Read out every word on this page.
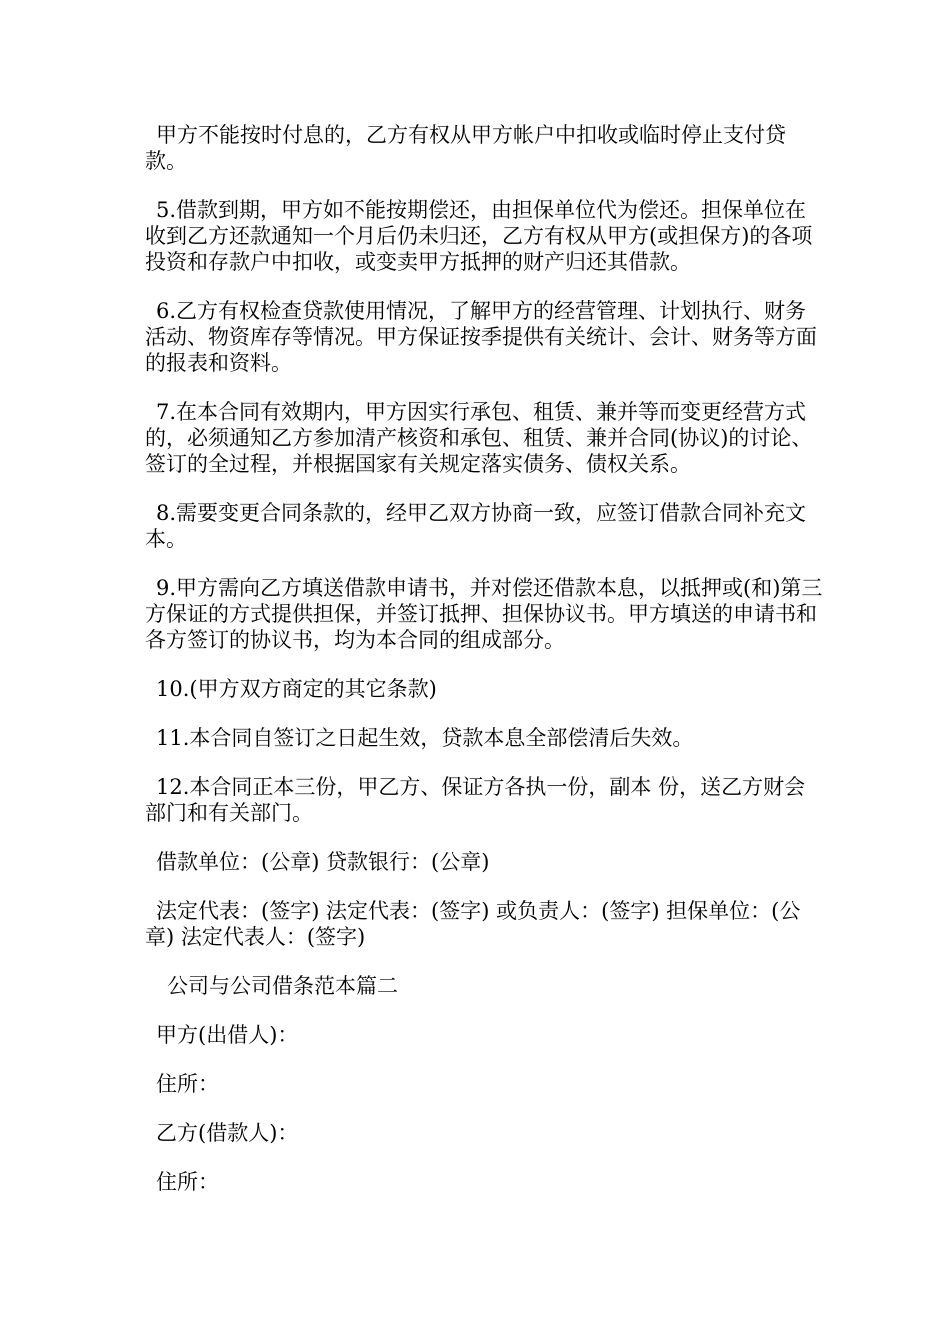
甲方不能按时付息的，乙方有权从甲方帐户中扣收或临时停止支付贷款。

5.借款到期，甲方如不能按期偿还，由担保单位代为偿还。担保单位在收到乙方还款通知一个月后仍未归还，乙方有权从甲方(或担保方)的各项投资和存款户中扣收，或变卖甲方抵押的财产归还其借款。

6.乙方有权检查贷款使用情况，了解甲方的经营管理、计划执行、财务活动、物资库存等情况。甲方保证按季提供有关统计、会计、财务等方面的报表和资料。

7.在本合同有效期内，甲方因实行承包、租赁、兼并等而变更经营方式的，必须通知乙方参加清产核资和承包、租赁、兼并合同(协议)的讨论、签订的全过程，并根据国家有关规定落实债务、债权关系。

8.需要变更合同条款的，经甲乙双方协商一致，应签订借款合同补充文本。

9.甲方需向乙方填送借款申请书，并对偿还借款本息，以抵押或(和)第三方保证的方式提供担保，并签订抵押、担保协议书。甲方填送的申请书和各方签订的协议书，均为本合同的组成部分。

10.(甲方双方商定的其它条款)

11.本合同自签订之日起生效，贷款本息全部偿清后失效。

12.本合同正本三份，甲乙方、保证方各执一份，副本 份，送乙方财会部门和有关部门。

借款单位：(公章) 贷款银行：(公章)

法定代表：(签字) 法定代表：(签字) 或负责人：(签字) 担保单位：(公章) 法定代表人：(签字)

公司与公司借条范本篇二

甲方(出借人)：

住所：

乙方(借款人)：

住所：
